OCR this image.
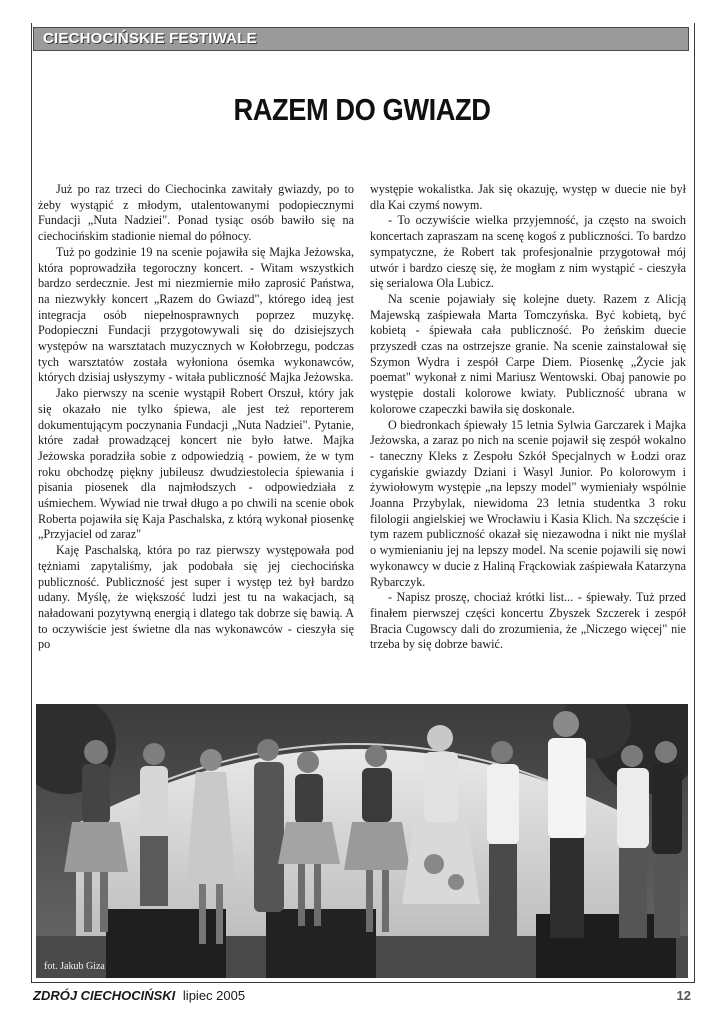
CIECHOCIŃSKIE FESTIWALE
RAZEM DO GWIAZD

Już po raz trzeci do Ciechocinka zawitały gwiazdy, po to żeby wystąpić z młodym, utalentowanymi podopiecznymi Fundacji „Nuta Nadziei". Ponad tysiąc osób bawiło się na ciechocińskim stadionie niemal do północy.

Tuż po godzinie 19 na scenie pojawiła się Majka Jeżowska, która poprowadziła tegoroczny koncert. - Witam wszystkich bardzo serdecznie. Jest mi niezmiernie miło zaprosić Państwa, na niezwykły koncert „Razem do Gwiazd", którego ideą jest integracja osób niepełnosprawnych poprzez muzykę. Podopieczni Fundacji przygotowywali się do dzisiejszych występów na warsztatach muzycznych w Kołobrzegu, podczas tych warsztatów została wyłoniona ósemka wykonawców, których dzisiaj usłyszymy - witała publiczność Majka Jeżowska.

Jako pierwszy na scenie wystąpił Robert Orszuł, który jak się okazało nie tylko śpiewa, ale jest też reporterem dokumentującym poczynania Fundacji „Nuta Nadziei". Pytanie, które zadał prowadzącej koncert nie było łatwe. Majka Jeżowska poradziła sobie z odpowiedzią - powiem, że w tym roku obchodzę piękny jubileusz dwudziestolecia śpiewania i pisania piosenek dla najmłodszych - odpowiedziała z uśmiechem. Wywiad nie trwał długo a po chwili na scenie obok Roberta pojawiła się Kaja Paschalska, z którą wykonał piosenkę „Przyjaciel od zaraz"

Kaję Paschalską, która po raz pierwszy występowała pod tężniami zapytaliśmy, jak podobała się jej ciechocińska publiczność. Publiczność jest super i występ też był bardzo udany. Myślę, że większość ludzi jest tu na wakacjach, są naładowani pozytywną energią i dlatego tak dobrze się bawią. A to oczywiście jest świetne dla nas wykonawców - cieszyła się po

występie wokalistka. Jak się okazuję, występ w duecie nie był dla Kai czymś nowym.

- To oczywiście wielka przyjemność, ja często na swoich koncertach zapraszam na scenę kogoś z publiczności. To bardzo sympatyczne, że Robert tak profesjonalnie przygotował mój utwór i bardzo cieszę się, że mogłam z nim wystąpić - cieszyła się serialowa Ola Lubicz.

Na scenie pojawiały się kolejne duety. Razem z Alicją Majewską zaśpiewała Marta Tomczyńska. Być kobietą, być kobietą - śpiewała cała publiczność. Po żeńskim duecie przyszedł czas na ostrzejsze granie. Na scenie zainstalował się Szymon Wydra i zespół Carpe Diem. Piosenkę „Życie jak poemat" wykonał z nimi Mariusz Wentowski. Obaj panowie po występie dostali kolorowe kwiaty. Publiczność ubrana w kolorowe czapeczki bawiła się doskonale.

O biedronkach śpiewały 15 letnia Sylwia Garczarek i Majka Jeżowska, a zaraz po nich na scenie pojawił się zespół wokalno - taneczny Kleks z Zespołu Szkół Specjalnych w Łodzi oraz cygańskie gwiazdy Dziani i Wasyl Junior. Po kolorowym i żywiołowym występie „na lepszy model" wymieniały wspólnie Joanna Przybylak, niewidoma 23 letnia studentka 3 roku filologii angielskiej we Wrocławiu i Kasia Klich. Na szczęście i tym razem publiczność okazał się niezawodna i nikt nie myślał o wymienianiu jej na lepszy model. Na scenie pojawili się nowi wykonawcy w ducie z Haliną Frąckowiak zaśpiewała Katarzyna Rybarczyk.

- Napisz proszę, chociaż krótki list... - śpiewały. Tuż przed finałem pierwszej części koncertu Zbyszek Szczerek i zespół Bracia Cugowscy dali do zrozumienia, że „Niczego więcej" nie trzeba by się dobrze bawić.

fot. Jakub Giza
ZDRÓJ CIECHOCIŃSKI lipiec 2005	12
